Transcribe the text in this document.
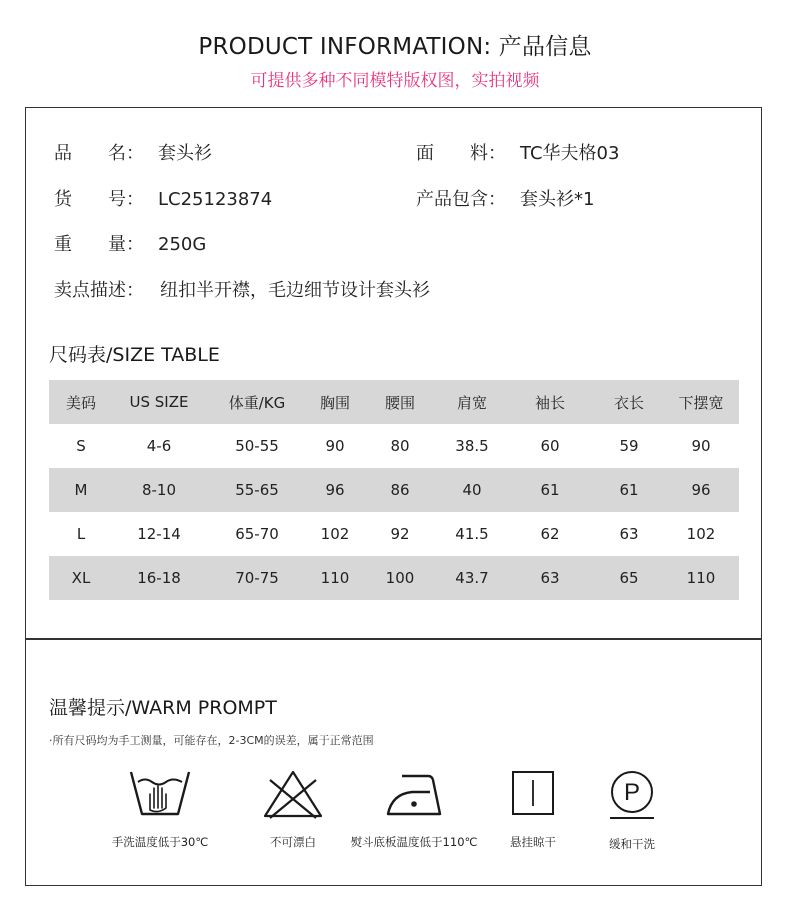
PRODUCT INFORMATION: 产品信息
可提供多种不同模特版权图，实拍视频
品　　名： 套头衫	面　　料： TC华夫格03
货　　号： LC25123874	产品包含： 套头衫*1
重　　量： 250G
卖点描述： 纽扣半开襟，毛边细节设计套头衫
尺码表/SIZE TABLE
美码	US SIZE	体重/KG	胸围	腰围	肩宽	袖长	衣长	下摆宽
S	4-6	50-55	90	80	38.5	60	59	90
M	8-10	55-65	96	86	40	61	61	96
L	12-14	65-70	102	92	41.5	62	63	102
XL	16-18	70-75	110	100	43.7	63	65	110
温馨提示/WARM PROMPT
·所有尺码均为手工测量，可能存在，2-3CM的误差，属于正常范围
手洗温度低于30℃	不可漂白	熨斗底板温度低于110℃	悬挂晾干
P
缓和干洗
